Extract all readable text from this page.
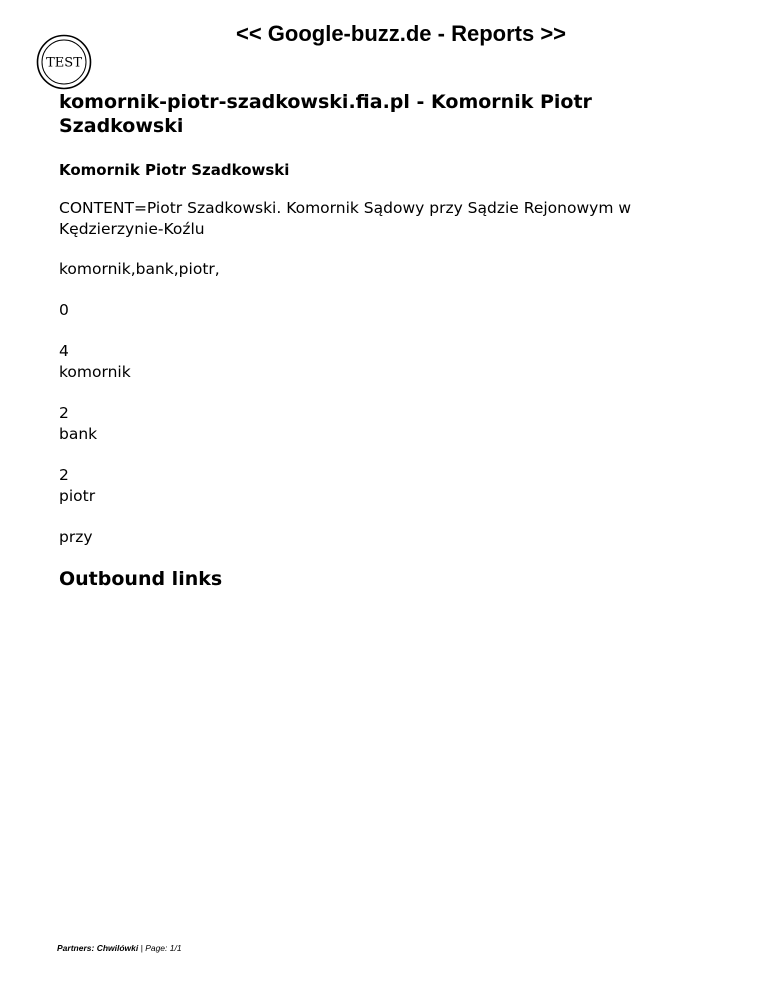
<< Google-buzz.de - Reports >>
TEST
komornik-piotr-szadkowski.fia.pl - Komornik Piotr Szadkowski
Komornik Piotr Szadkowski

CONTENT=Piotr Szadkowski. Komornik Sądowy przy Sądzie Rejonowym w Kędzierzynie-Koźlu

komornik,bank,piotr,

0

4
komornik
2
bank
2
piotr

przy

Outbound links
Partners: Chwilówki | Page: 1/1
